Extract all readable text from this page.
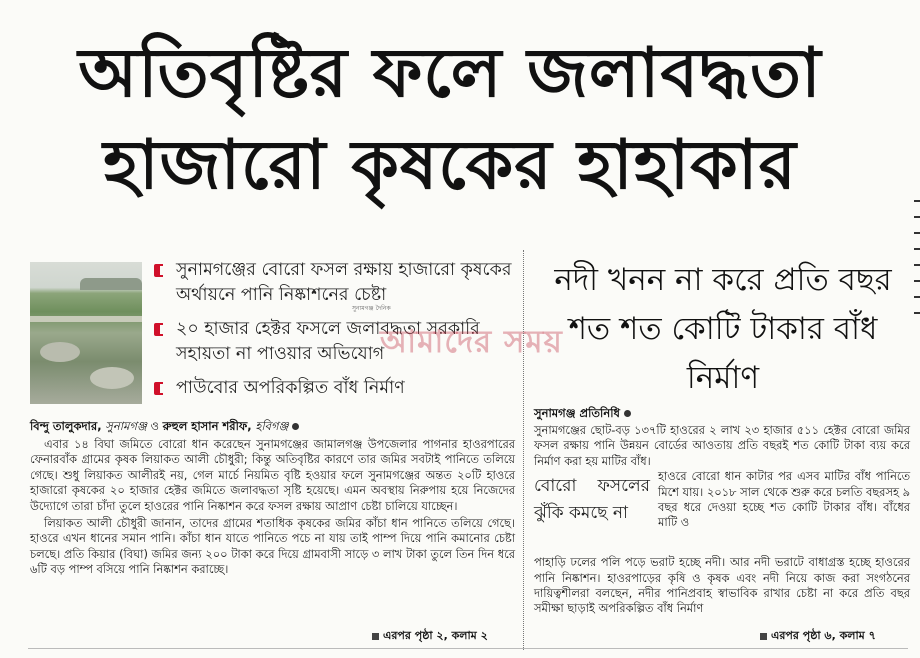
অতিবৃষ্টির ফলে জলাবদ্ধতা
হাজারো কৃষকের হাহাকার
সুনামগঞ্জের বোরো ফসল রক্ষায় হাজারো কৃষকের অর্থায়নে পানি নিষ্কাশনের চেষ্টা
২০ হাজার হেক্টর ফসলে জলাবদ্ধতা সরকারি সহায়তা না পাওয়ার অভিযোগ
পাউবোর অপরিকল্পিত বাঁধ নির্মাণ
সুনামগঞ্জ দৈনিক
আমাদের সময়
নদী খনন না করে প্রতি বছর শত শত কোটি টাকার বাঁধ নির্মাণ
বিন্দু তালুকদার, সুনামগঞ্জ ও রুহুল হাসান শরীফ, হবিগঞ্জ

এবার ১৪ বিঘা জমিতে বোরো ধান করেছেন সুনামগঞ্জের জামালগঞ্জ উপজেলার পাগনার হাওরপারের ফেনারবাঁক গ্রামের কৃষক লিয়াকত আলী চৌধুরী; কিন্তু অতিবৃষ্টির কারণে তার জমির সবটাই পানিতে তলিয়ে গেছে। শুধু লিয়াকত আলীরই নয়, গেল মার্চে নিয়মিত বৃষ্টি হওয়ার ফলে সুনামগঞ্জের অন্তত ২০টি হাওরে হাজারো কৃষকের ২০ হাজার হেক্টর জমিতে জলাবদ্ধতা সৃষ্টি হয়েছে। এমন অবস্থায় নিরুপায় হয়ে নিজেদের উদ্যোগে তারা চাঁদা তুলে হাওরের পানি নিষ্কাশন করে ফসল রক্ষায় আপ্রাণ চেষ্টা চালিয়ে যাচ্ছেন।

লিয়াকত আলী চৌধুরী জানান, তাদের গ্রামের শতাধিক কৃষকের জমির কাঁচা ধান পানিতে তলিয়ে গেছে। হাওরে এখন ধানের সমান পানি। কাঁচা ধান যাতে পানিতে পচে না যায় তাই পাম্প দিয়ে পানি কমানোর চেষ্টা চলছে। প্রতি কিয়ার (বিঘা) জমির জন্য ২০০ টাকা করে দিয়ে গ্রামবাসী সাড়ে ৩ লাখ টাকা তুলে তিন দিন ধরে ৬টি বড় পাম্প বসিয়ে পানি নিষ্কাশন করাচ্ছে।

এরপর পৃষ্ঠা ২, কলাম ২
সুনামগঞ্জ প্রতিনিধি

সুনামগঞ্জের ছোট-বড় ১৩৭টি হাওরের ২ লাখ ২৩ হাজার ৫১১ হেক্টর বোরো জমির ফসল রক্ষায় পানি উন্নয়ন বোর্ডের আওতায় প্রতি বছরই শত কোটি টাকা ব্যয় করে নির্মাণ করা হয় মাটির বাঁধ।

বোরো ফসলের ঝুঁকি কমছে না

হাওরে বোরো ধান কাটার পর এসব মাটির বাঁধ পানিতে মিশে যায়। ২০১৮ সাল থেকে শুরু করে চলতি বছরসহ ৯ বছর ধরে দেওয়া হচ্ছে শত কোটি টাকার বাঁধ। বাঁধের মাটি ও

পাহাড়ি ঢলের পলি পড়ে ভরাট হচ্ছে নদী। আর নদী ভরাটে বাধাগ্রস্ত হচ্ছে হাওরের পানি নিষ্কাশন। হাওরপাড়ের কৃষি ও কৃষক এবং নদী নিয়ে কাজ করা সংগঠনের দায়িত্বশীলরা বলছেন, নদীর পানিপ্রবাহ স্বাভাবিক রাখার চেষ্টা না করে প্রতি বছর সমীক্ষা ছাড়াই অপরিকল্পিত বাঁধ নির্মাণ

এরপর পৃষ্ঠা ৬, কলাম ৭
